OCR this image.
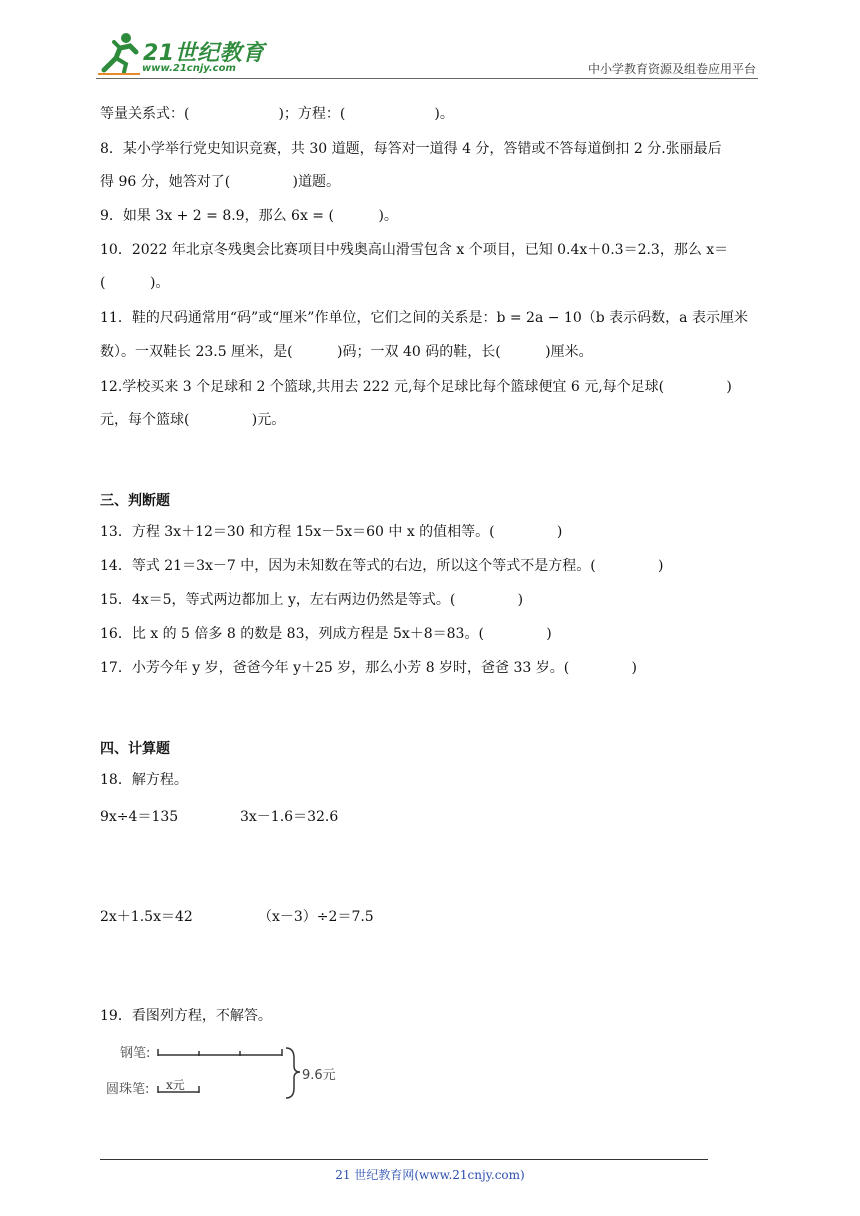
21世纪教育
www.21cnjy.com	中小学教育资源及组卷应用平台
等量关系式：(                    )；方程：(                    )。
8．某小学举行党史知识竞赛，共 30 道题，每答对一道得 4 分，答错或不答每道倒扣 2 分.张丽最后
得 96 分，她答对了(              )道题。
9．如果 3x + 2 = 8.9，那么 6x = (          )。
10．2022 年北京冬残奥会比赛项目中残奥高山滑雪包含 x 个项目，已知 0.4x＋0.3＝2.3，那么 x＝
(          )。
11．鞋的尺码通常用“码”或“厘米”作单位，它们之间的关系是：b = 2a − 10（b 表示码数，a 表示厘米
数）。一双鞋长 23.5 厘米，是(          )码；一双 40 码的鞋，长(          )厘米。
12.学校买来 3 个足球和 2 个篮球,共用去 222 元,每个足球比每个篮球便宜 6 元,每个足球(              )
元，每个篮球(              )元。
三、判断题
13．方程 3x＋12＝30 和方程 15x－5x＝60 中 x 的值相等。(              )
14．等式 21＝3x－7 中，因为未知数在等式的右边，所以这个等式不是方程。(              )
15．4x＝5，等式两边都加上 y，左右两边仍然是等式。(              )
16．比 x 的 5 倍多 8 的数是 83，列成方程是 5x＋8＝83。(              )
17．小芳今年 y 岁，爸爸今年 y＋25 岁，那么小芳 8 岁时，爸爸 33 岁。(              )
四、计算题
18．解方程。
9x÷4＝135	3x－1.6＝32.6
2x＋1.5x＝42	（x－3）÷2＝7.5
19．看图列方程，不解答。
钢笔:
圆珠笔: x元
9.6元
21 世纪教育网(www.21cnjy.com)
